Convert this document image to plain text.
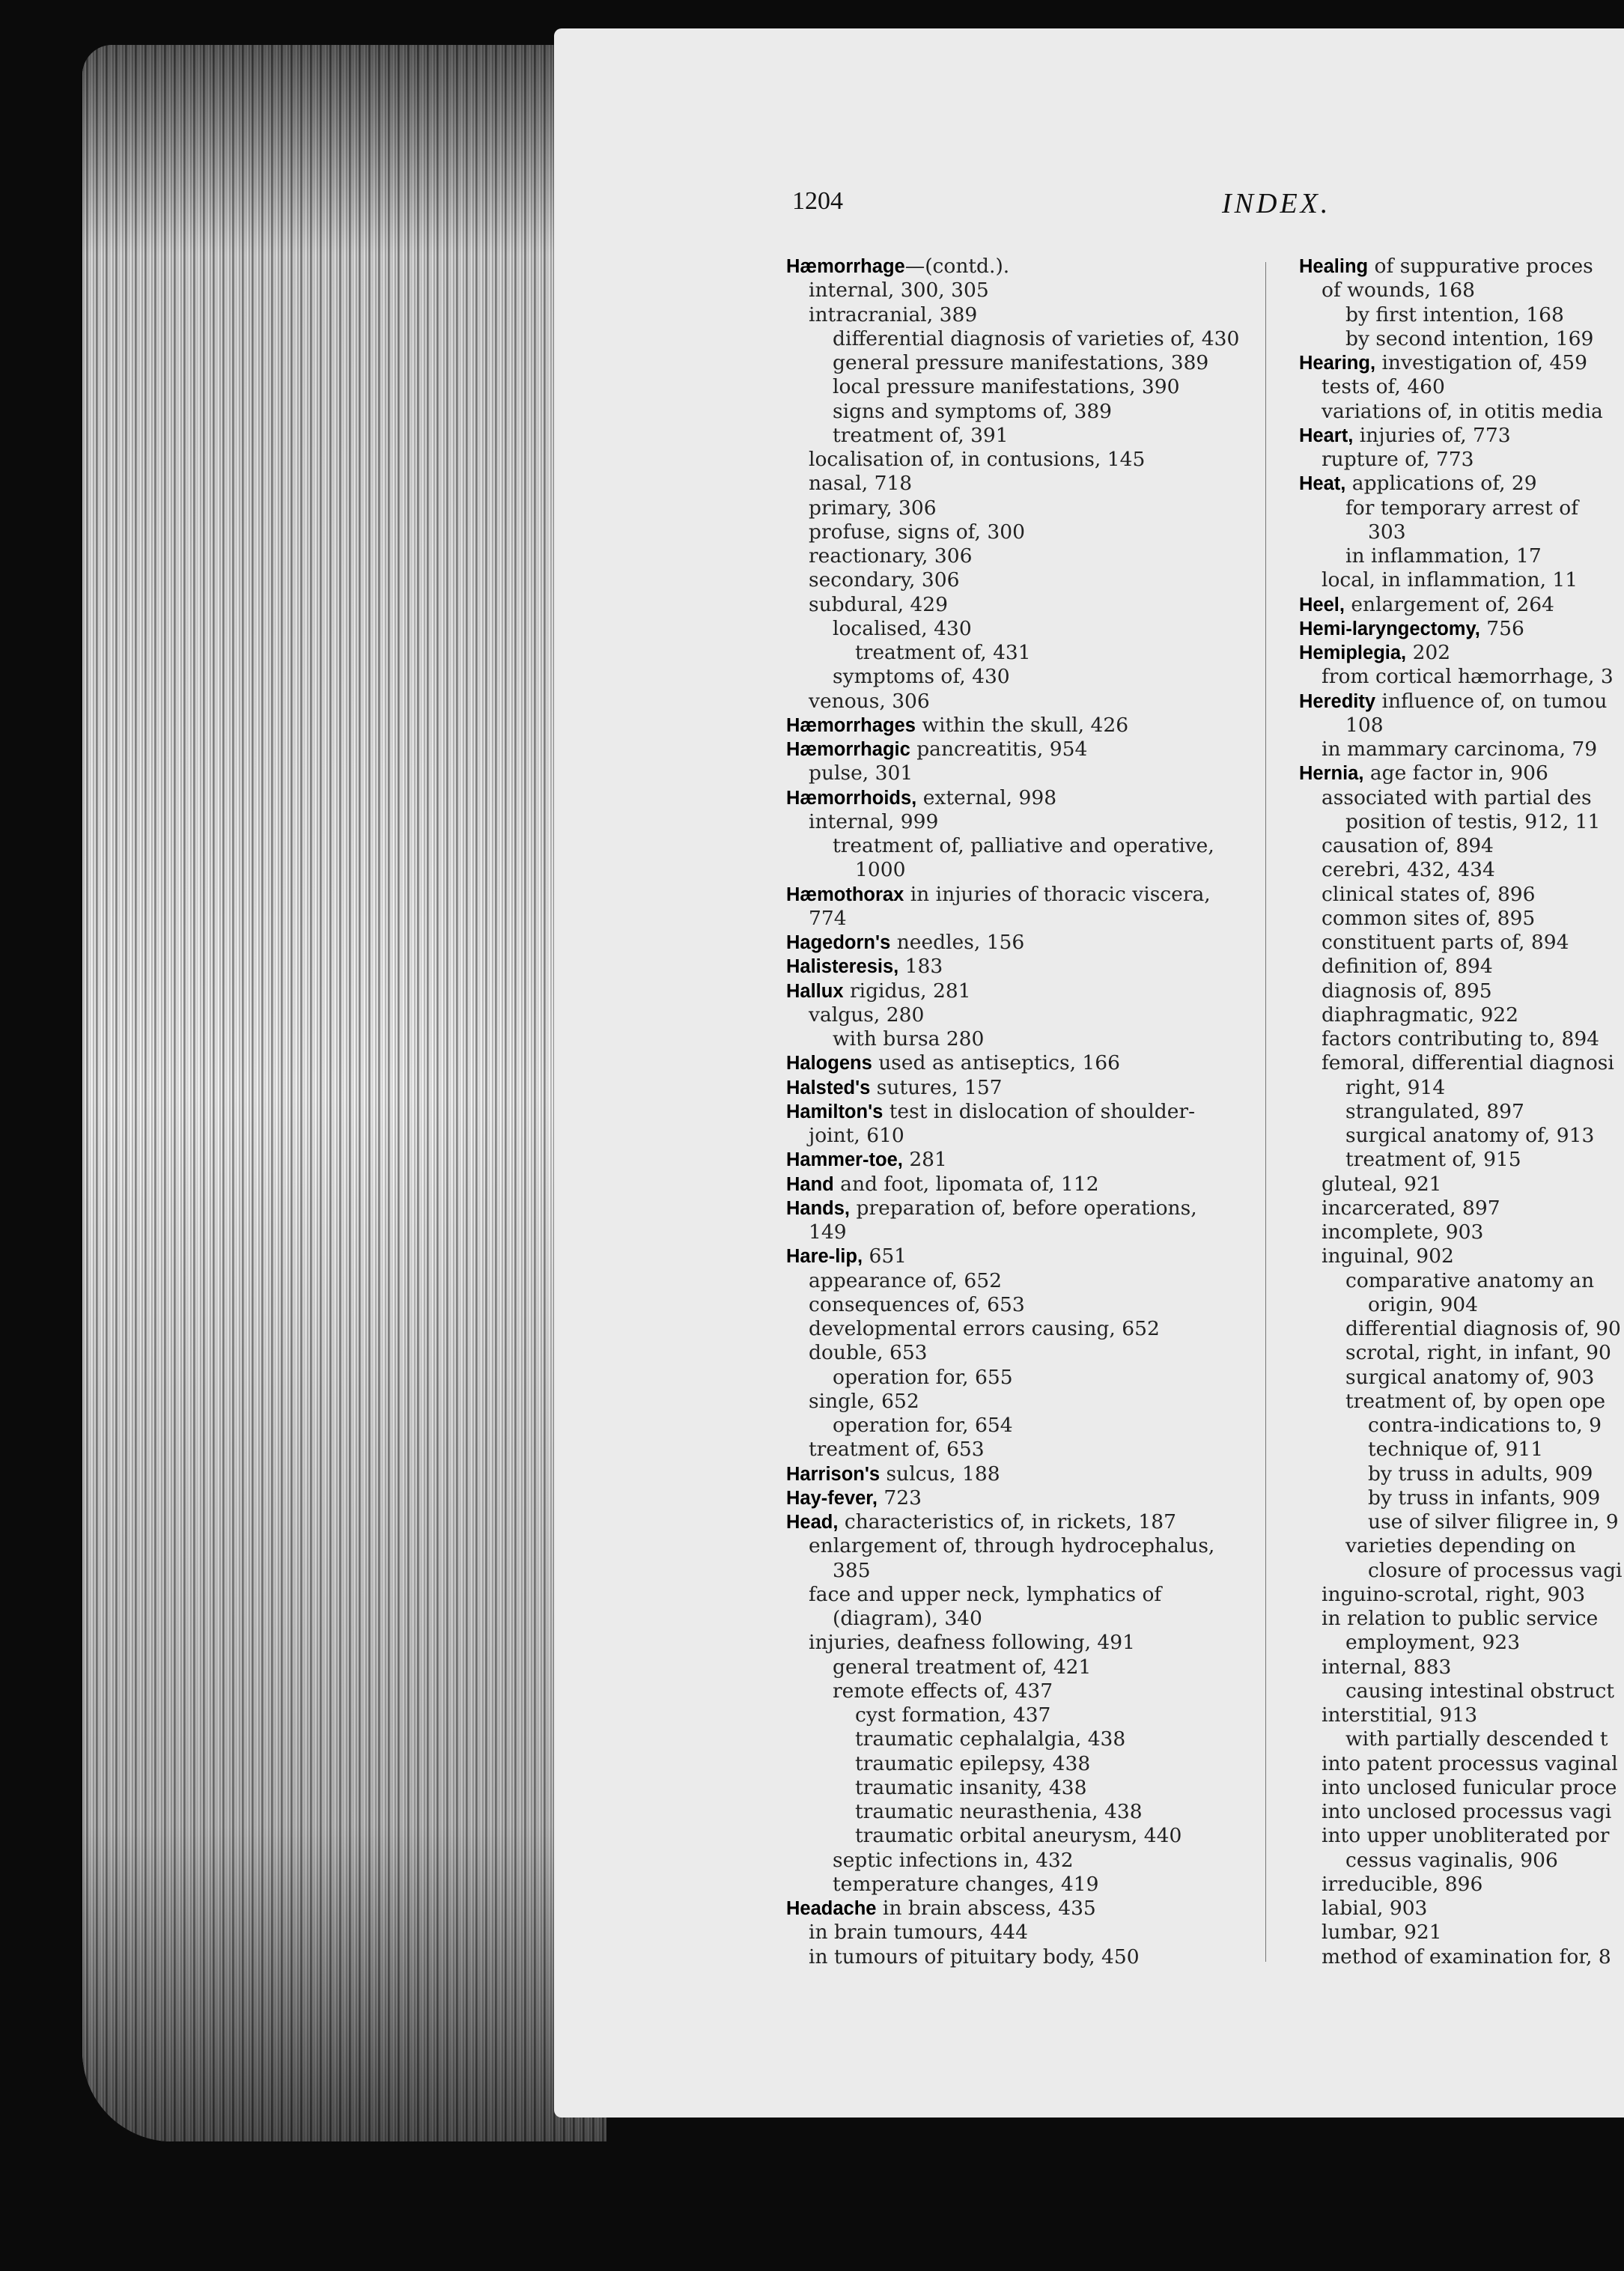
1204	INDEX.
Hæmorrhage—(contd.).
internal, 300, 305
intracranial, 389
differential diagnosis of varieties of, 430
general pressure manifestations, 389
local pressure manifestations, 390
signs and symptoms of, 389
treatment of, 391
localisation of, in contusions, 145
nasal, 718
primary, 306
profuse, signs of, 300
reactionary, 306
secondary, 306
subdural, 429
localised, 430
treatment of, 431
symptoms of, 430
venous, 306
Hæmorrhages within the skull, 426
Hæmorrhagic pancreatitis, 954
pulse, 301
Hæmorrhoids, external, 998
internal, 999
treatment of, palliative and operative,
1000
Hæmothorax in injuries of thoracic viscera,
774
Hagedorn's needles, 156
Halisteresis, 183
Hallux rigidus, 281
valgus, 280
with bursa 280
Halogens used as antiseptics, 166
Halsted's sutures, 157
Hamilton's test in dislocation of shoulder-
joint, 610
Hammer-toe, 281
Hand and foot, lipomata of, 112
Hands, preparation of, before operations,
149
Hare-lip, 651
appearance of, 652
consequences of, 653
developmental errors causing, 652
double, 653
operation for, 655
single, 652
operation for, 654
treatment of, 653
Harrison's sulcus, 188
Hay-fever, 723
Head, characteristics of, in rickets, 187
enlargement of, through hydrocephalus,
385
face and upper neck, lymphatics of
(diagram), 340
injuries, deafness following, 491
general treatment of, 421
remote effects of, 437
cyst formation, 437
traumatic cephalalgia, 438
traumatic epilepsy, 438
traumatic insanity, 438
traumatic neurasthenia, 438
traumatic orbital aneurysm, 440
septic infections in, 432
temperature changes, 419
Headache in brain abscess, 435
in brain tumours, 444
in tumours of pituitary body, 450
Healing of suppurative proces
of wounds, 168
by first intention, 168
by second intention, 169
Hearing, investigation of, 459
tests of, 460
variations of, in otitis media
Heart, injuries of, 773
rupture of, 773
Heat, applications of, 29
for temporary arrest of
303
in inflammation, 17
local, in inflammation, 11
Heel, enlargement of, 264
Hemi-laryngectomy, 756
Hemiplegia, 202
from cortical hæmorrhage, 3
Heredity influence of, on tumou
108
in mammary carcinoma, 79
Hernia, age factor in, 906
associated with partial des
position of testis, 912, 11
causation of, 894
cerebri, 432, 434
clinical states of, 896
common sites of, 895
constituent parts of, 894
definition of, 894
diagnosis of, 895
diaphragmatic, 922
factors contributing to, 894
femoral, differential diagnosi
right, 914
strangulated, 897
surgical anatomy of, 913
treatment of, 915
gluteal, 921
incarcerated, 897
incomplete, 903
inguinal, 902
comparative anatomy an
origin, 904
differential diagnosis of, 90
scrotal, right, in infant, 90
surgical anatomy of, 903
treatment of, by open ope
contra-indications to, 9
technique of, 911
by truss in adults, 909
by truss in infants, 909
use of silver filigree in, 9
varieties depending on
closure of processus vagi
inguino-scrotal, right, 903
in relation to public service
employment, 923
internal, 883
causing intestinal obstruct
interstitial, 913
with partially descended t
into patent processus vaginal
into unclosed funicular proce
into unclosed processus vagi
into upper unobliterated por
cessus vaginalis, 906
irreducible, 896
labial, 903
lumbar, 921
method of examination for, 8
